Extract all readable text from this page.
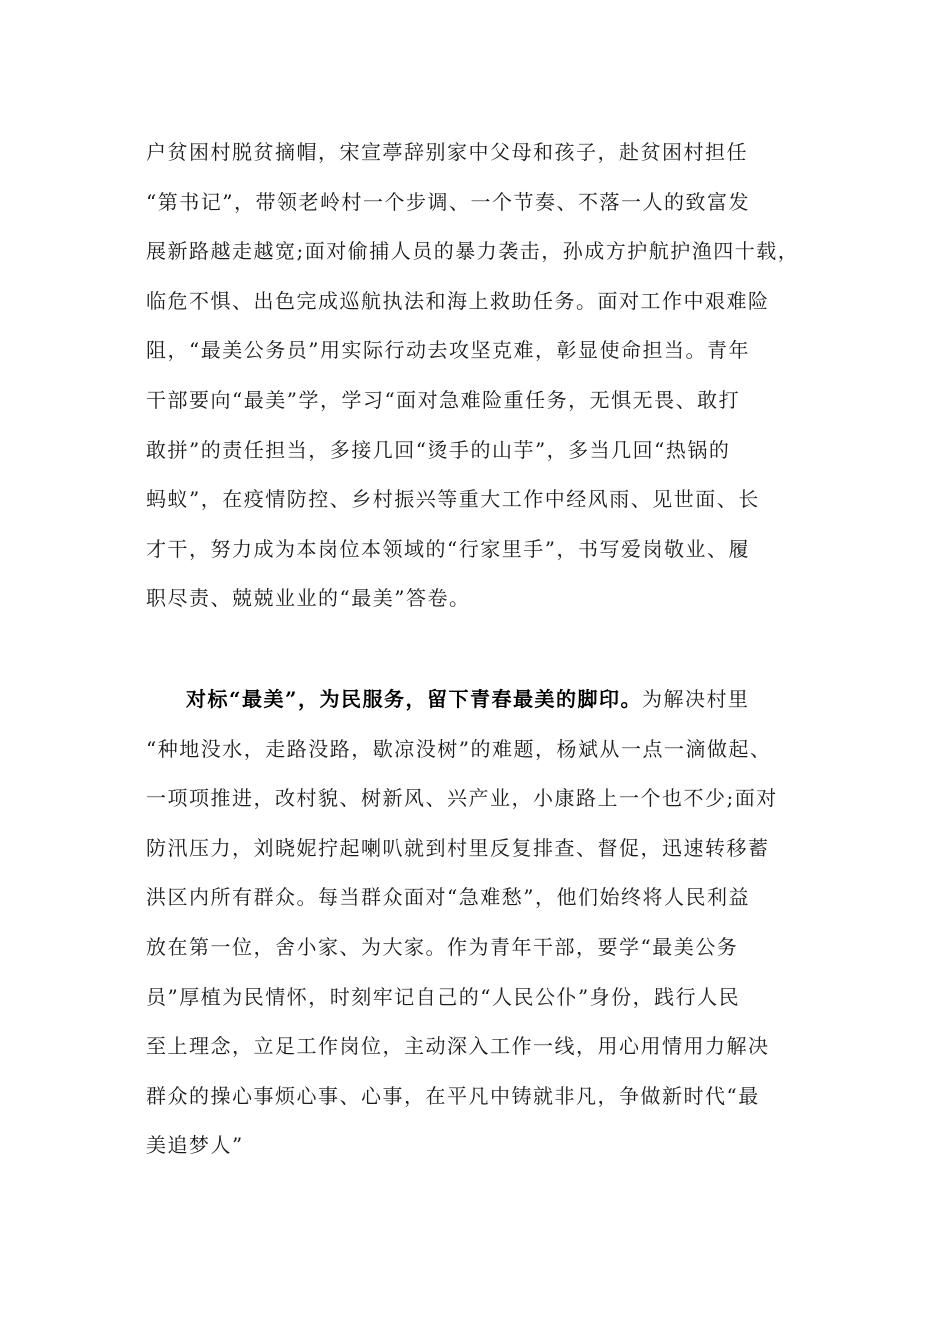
户贫困村脱贫摘帽，宋宣葶辞别家中父母和孩子，赴贫困村担任
“第书记”，带领老岭村一个步调、一个节奏、不落一人的致富发
展新路越走越宽;面对偷捕人员的暴力袭击，孙成方护航护渔四十载，
临危不惧、出色完成巡航执法和海上救助任务。面对工作中艰难险
阻，“最美公务员”用实际行动去攻坚克难，彰显使命担当。青年
干部要向“最美”学，学习“面对急难险重任务，无惧无畏、敢打
敢拼”的责任担当，多接几回“烫手的山芋”，多当几回“热锅的
蚂蚁”，在疫情防控、乡村振兴等重大工作中经风雨、见世面、长
才干，努力成为本岗位本领域的“行家里手”，书写爱岗敬业、履
职尽责、兢兢业业的“最美”答卷。
对标“最美”，为民服务，留下青春最美的脚印。为解决村里
“种地没水，走路没路，歇凉没树”的难题，杨斌从一点一滴做起、
一项项推进，改村貌、树新风、兴产业，小康路上一个也不少;面对
防汛压力，刘晓妮拧起喇叭就到村里反复排查、督促，迅速转移蓄
洪区内所有群众。每当群众面对“急难愁”，他们始终将人民利益
放在第一位，舍小家、为大家。作为青年干部，要学“最美公务
员”厚植为民情怀，时刻牢记自己的“人民公仆”身份，践行人民
至上理念，立足工作岗位，主动深入工作一线，用心用情用力解决
群众的操心事烦心事、心事，在平凡中铸就非凡，争做新时代“最
美追梦人”
